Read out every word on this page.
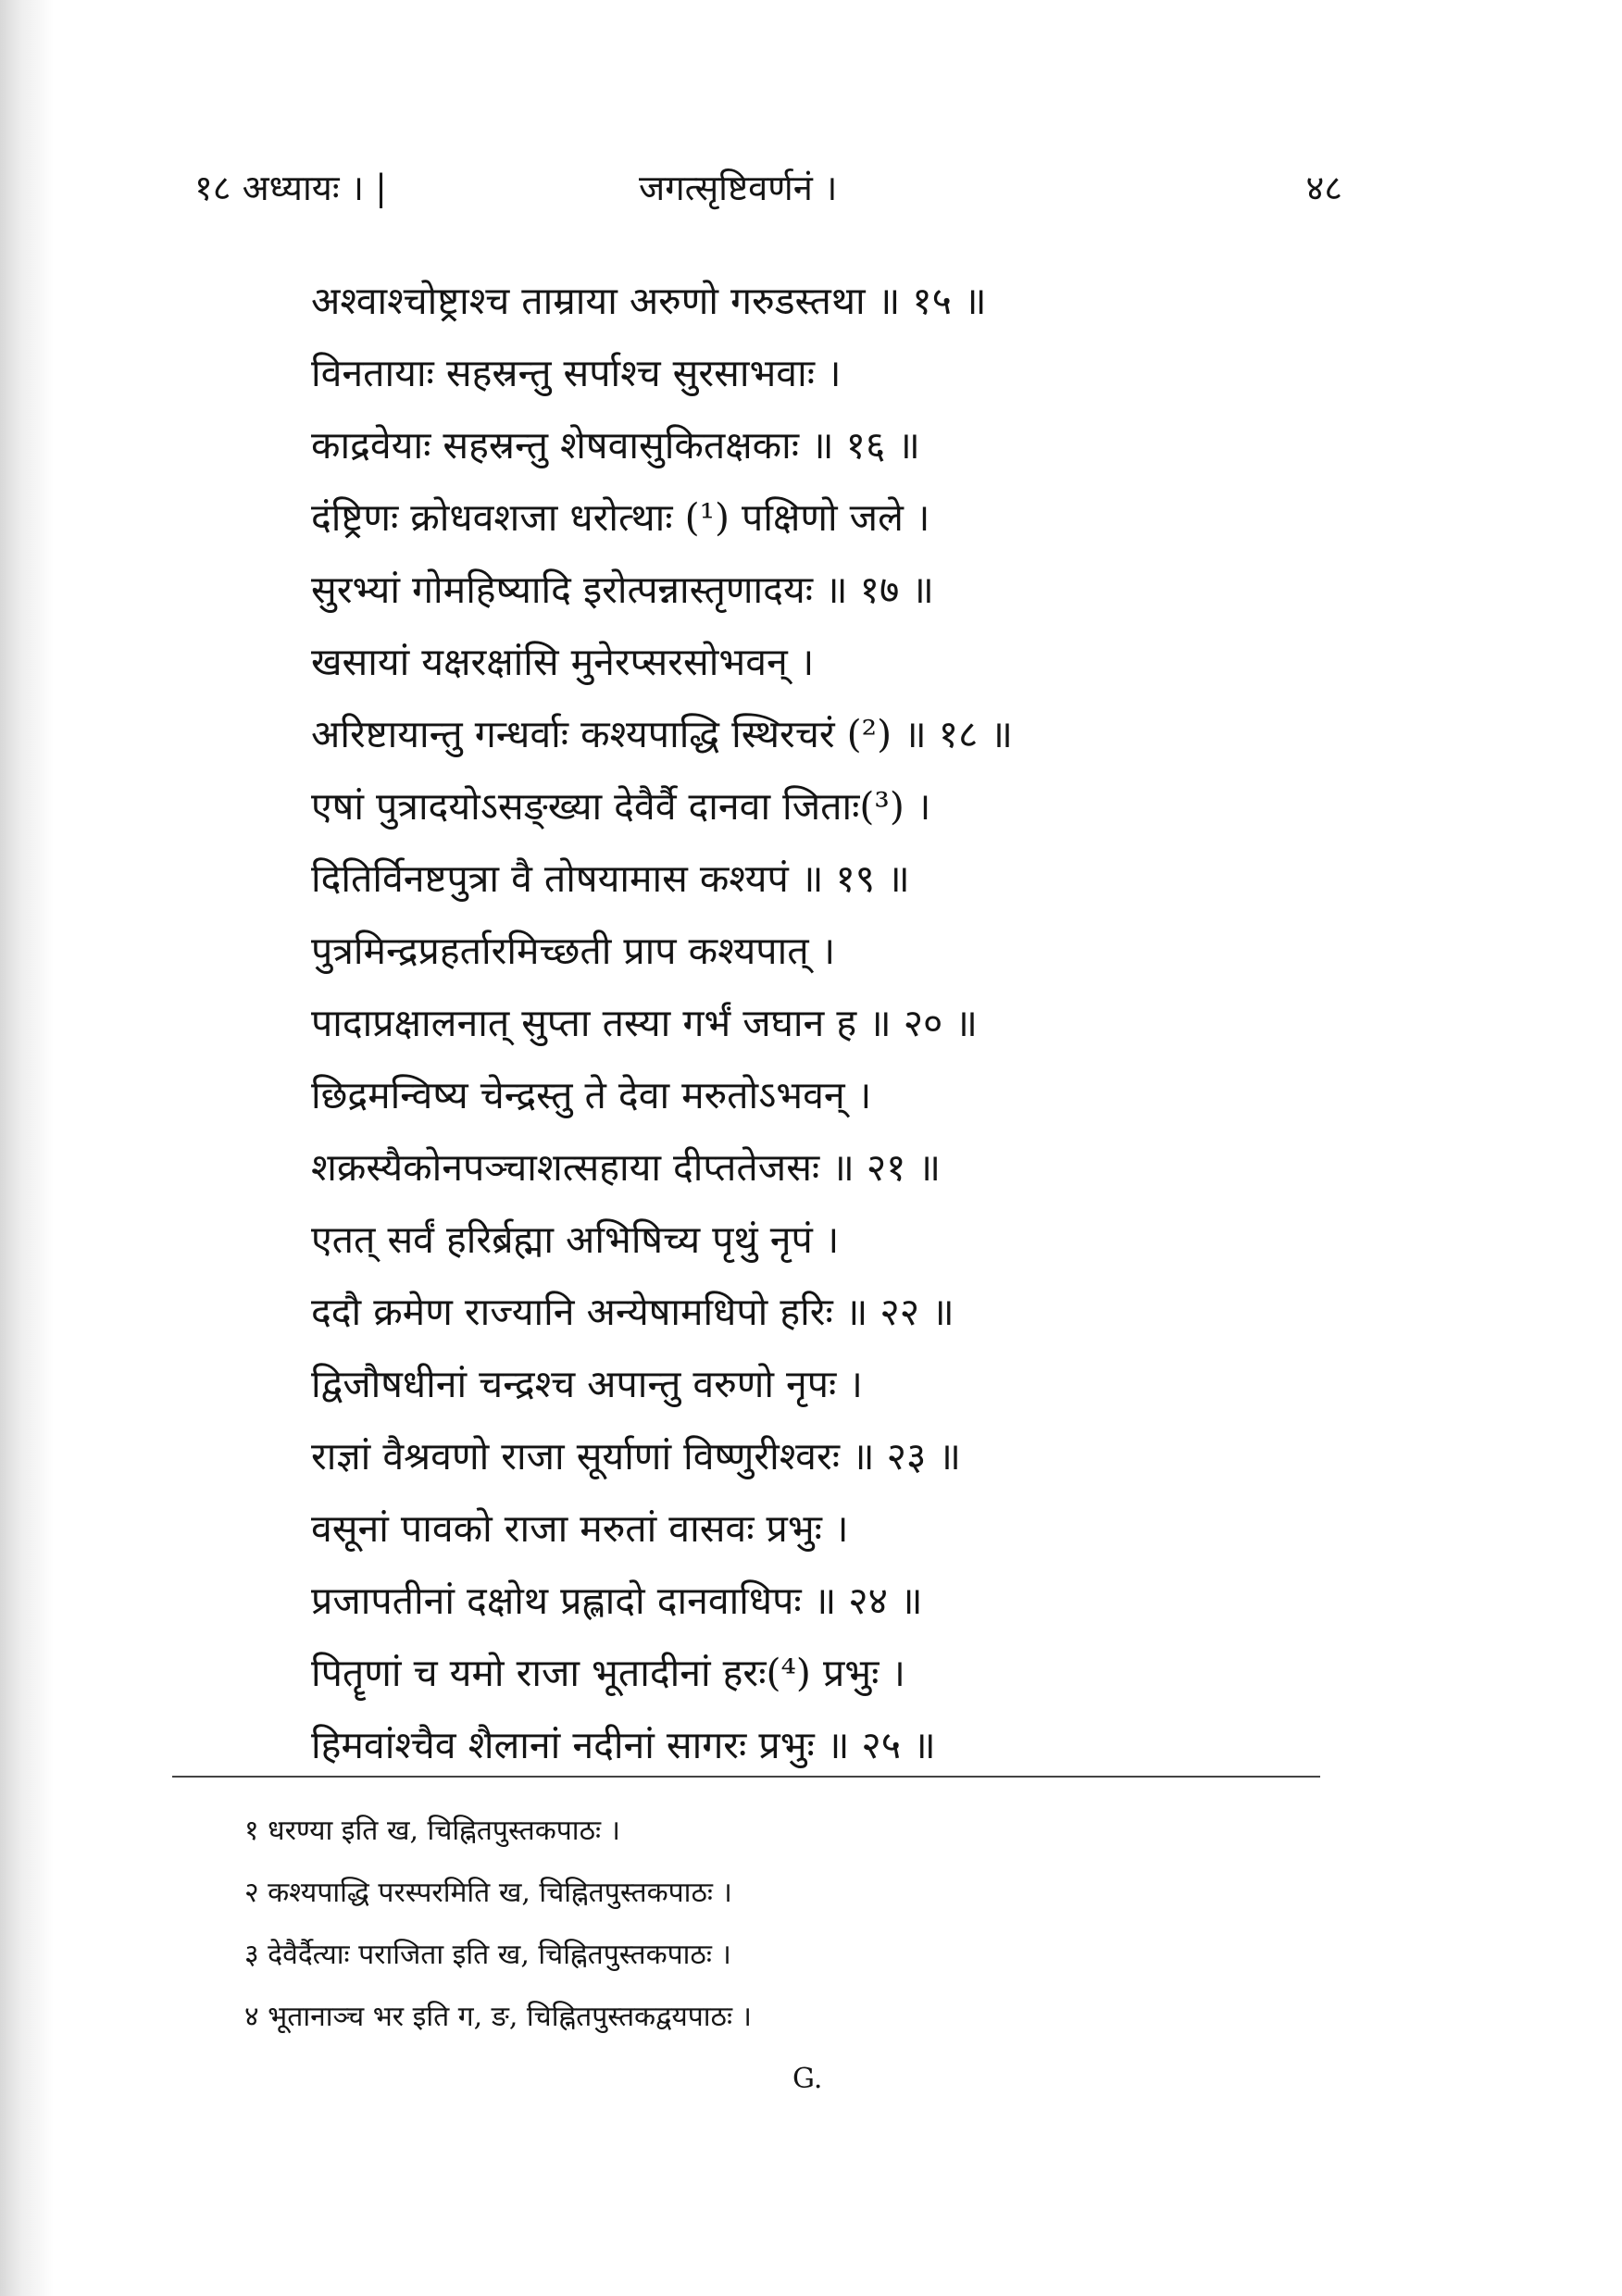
१८ अध्यायः । |	जगत्सृष्टिवर्णनं ।	४८
अश्वाश्चोष्ट्राश्च ताम्राया अरुणो गरुडस्तथा ॥ १५ ॥
विनतायाः सहस्रन्तु सर्पाश्च सुरसाभवाः ।
काद्रवेयाः सहस्रन्तु शेषवासुकितक्षकाः ॥ १६ ॥
दंष्ट्रिणः क्रोधवशजा धरोत्थाः (¹) पक्षिणो जले ।
सुरभ्यां गोमहिष्यादि इरोत्पन्नास्तृणादयः ॥ १७ ॥
खसायां यक्षरक्षांसि मुनेरप्सरसोभवन् ।
अरिष्टायान्तु गन्धर्वाः कश्यपाद्धि स्थिरचरं (²) ॥ १८ ॥
एषां पुत्रादयोऽसङ्ख्या देवैर्वै दानवा जिताः(³) ।
दितिर्विनष्टपुत्रा वै तोषयामास कश्यपं ॥ १९ ॥
पुत्रमिन्द्रप्रहर्तारमिच्छती प्राप कश्यपात् ।
पादाप्रक्षालनात् सुप्ता तस्या गर्भं जघान ह ॥ २० ॥
छिद्रमन्विष्य चेन्द्रस्तु ते देवा मरुतोऽभवन् ।
शक्रस्यैकोनपञ्चाशत्सहाया दीप्ततेजसः ॥ २१ ॥
एतत् सर्वं हरिर्ब्रह्मा अभिषिच्य पृथुं नृपं ।
ददौ क्रमेण राज्यानि अन्येषामधिपो हरिः ॥ २२ ॥
द्विजौषधीनां चन्द्रश्च अपान्तु वरुणो नृपः ।
राज्ञां वैश्रवणो राजा सूर्याणां विष्णुरीश्वरः ॥ २३ ॥
वसूनां पावको राजा मरुतां वासवः प्रभुः ।
प्रजापतीनां दक्षोथ प्रह्लादो दानवाधिपः ॥ २४ ॥
पितॄणां च यमो राजा भूतादीनां हरः(⁴) प्रभुः ।
हिमवांश्चैव शैलानां नदीनां सागरः प्रभुः ॥ २५ ॥
१ धरण्या इति ख, चिह्नितपुस्तकपाठः ।
२ कश्यपाद्धि परस्परमिति ख, चिह्नितपुस्तकपाठः ।
३ देवैर्दैत्याः पराजिता इति ख, चिह्नितपुस्तकपाठः ।
४ भूतानाञ्च भर इति ग, ङ, चिह्नितपुस्तकद्वयपाठः ।
G.
